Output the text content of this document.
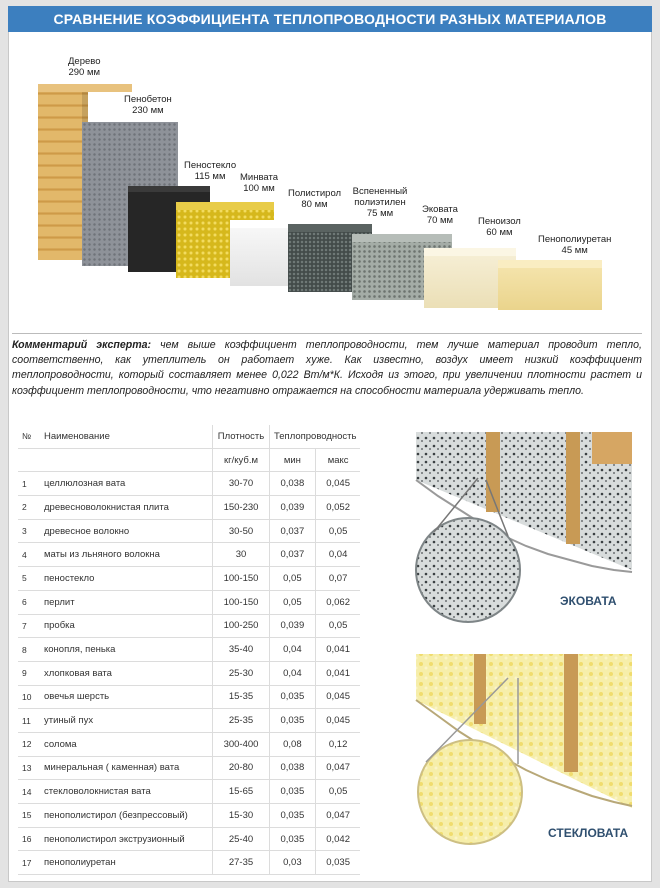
СРАВНЕНИЕ КОЭФФИЦИЕНТА ТЕПЛОПРОВОДНОСТИ РАЗНЫХ МАТЕРИАЛОВ
Дерево
290 мм
Пенобетон
230 мм
Пеностекло
115 мм	Минвата
100 мм	Полистирол
80 мм
Вспененный полиэтилен
75 мм	Эковата
70 мм	Пеноизол
60 мм
Пенополиуретан
45 мм
Комментарий эксперта: чем выше коэффициент теплопроводности, тем лучше материал проводит тепло, соответственно, как утеплитель он работает хуже. Как известно, воздух имеет низкий коэффициент теплопроводности, который составляет менее 0,022 Вт/м*К. Исходя из этого, при увеличении плотности растет и коэффициент теплопроводности, что негативно отражается на способности материала удерживать тепло.
№	Наименование	Плотность	Теплопроводность	
		кг/куб.м	мин	макс
1	целлюлозная вата	30-70	0,038	0,045
2	древесноволокнистая плита	150-230	0,039	0,052
3	древесное волокно	30-50	0,037	0,05
4	маты из льняного волокна	30	0,037	0,04
5	пеностекло	100-150	0,05	0,07
6	перлит	100-150	0,05	0,062
7	пробка	100-250	0,039	0,05
8	конопля, пенька	35-40	0,04	0,041
9	хлопковая вата	25-30	0,04	0,041
10	овечья шерсть	15-35	0,035	0,045
11	утиный пух	25-35	0,035	0,045
12	солома	300-400	0,08	0,12
13	минеральная ( каменная) вата	20-80	0,038	0,047
14	стекловолокнистая вата	15-65	0,035	0,05
15	пенополистирол (безпрессовый)	15-30	0,035	0,047
16	пенополистирол экструзионный	25-40	0,035	0,042
17	пенополиуретан	27-35	0,03	0,035
ЭКОВАТА
СТЕКЛОВАТА
